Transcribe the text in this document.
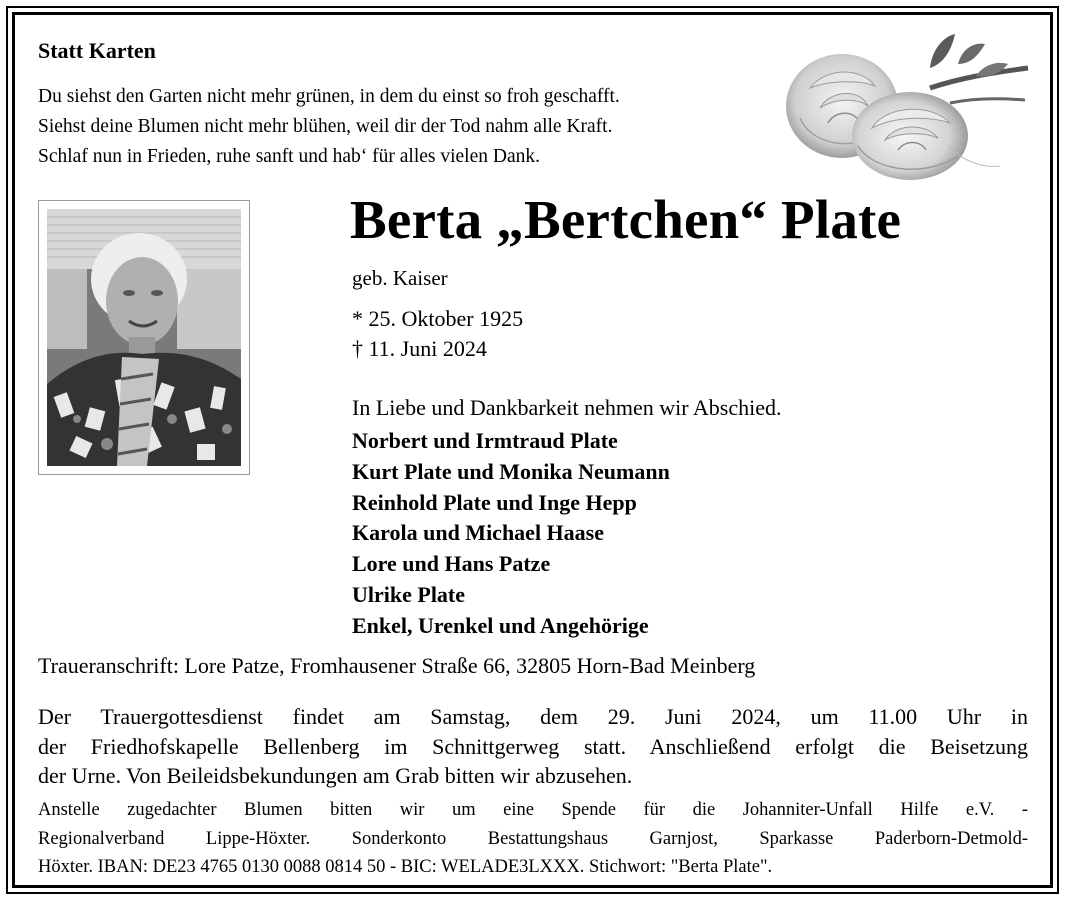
Statt Karten
Du siehst den Garten nicht mehr grünen, in dem du einst so froh geschafft.
Siehst deine Blumen nicht mehr blühen, weil dir der Tod nahm alle Kraft.
Schlaf nun in Frieden, ruhe sanft und hab‘ für alles vielen Dank.
Berta „Bertchen“ Plate
geb. Kaiser
* 25. Oktober 1925
† 11. Juni 2024
In Liebe und Dankbarkeit nehmen wir Abschied.
Norbert und Irmtraud Plate
Kurt Plate und Monika Neumann
Reinhold Plate und Inge Hepp
Karola und Michael Haase
Lore und Hans Patze
Ulrike Plate
Enkel, Urenkel und Angehörige
Traueranschrift: Lore Patze, Fromhausener Straße 66, 32805 Horn-Bad Meinberg
Der Trauergottesdienst findet am Samstag, dem 29. Juni 2024, um 11.00 Uhr in
der Friedhofskapelle Bellenberg im Schnittgerweg statt. Anschließend erfolgt die Beisetzung
der Urne. Von Beileidsbekundungen am Grab bitten wir abzusehen.
Anstelle zugedachter Blumen bitten wir um eine Spende für die Johanniter-Unfall Hilfe e.V. -
Regionalverband Lippe-Höxter. Sonderkonto Bestattungshaus Garnjost, Sparkasse Paderborn-Detmold-
Höxter. IBAN: DE23 4765 0130 0088 0814 50 - BIC: WELADE3LXXX. Stichwort: "Berta Plate".
